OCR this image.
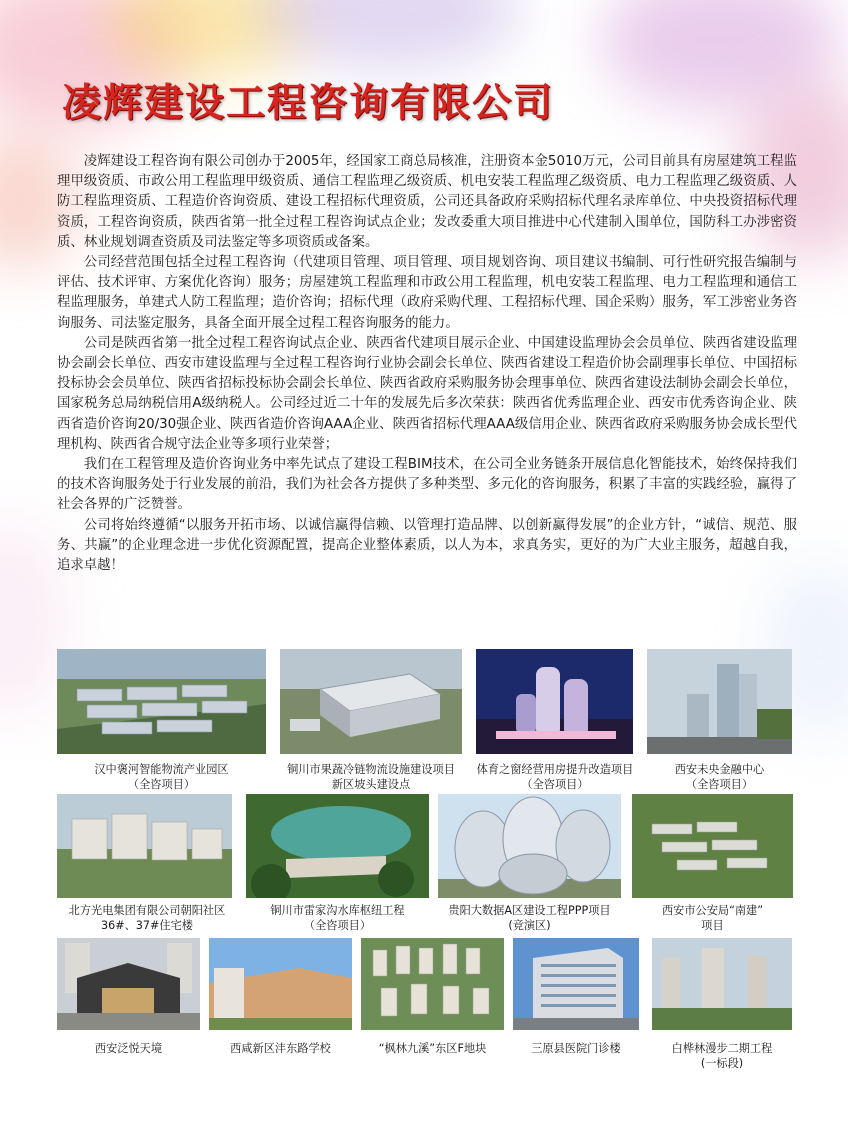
凌辉建设工程咨询有限公司

凌辉建设工程咨询有限公司创办于2005年，经国家工商总局核准，注册资本金5010万元，公司目前具有房屋建筑工程监理甲级资质、市政公用工程监理甲级资质、通信工程监理乙级资质、机电安装工程监理乙级资质、电力工程监理乙级资质、人防工程监理资质、工程造价咨询资质、建设工程招标代理资质，公司还具备政府采购招标代理名录库单位、中央投资招标代理资质，工程咨询资质，陕西省第一批全过程工程咨询试点企业；发改委重大项目推进中心代建制入围单位，国防科工办涉密资质、林业规划调查资质及司法鉴定等多项资质或备案。

公司经营范围包括全过程工程咨询（代建项目管理、项目管理、项目规划咨询、项目建议书编制、可行性研究报告编制与评估、技术评审、方案优化咨询）服务；房屋建筑工程监理和市政公用工程监理，机电安装工程监理、电力工程监理和通信工程监理服务，单建式人防工程监理；造价咨询；招标代理（政府采购代理、工程招标代理、国企采购）服务，军工涉密业务咨询服务、司法鉴定服务，具备全面开展全过程工程咨询服务的能力。

公司是陕西省第一批全过程工程咨询试点企业、陕西省代建项目展示企业、中国建设监理协会会员单位、陕西省建设监理协会副会长单位、西安市建设监理与全过程工程咨询行业协会副会长单位、陕西省建设工程造价协会副理事长单位、中国招标投标协会会员单位、陕西省招标投标协会副会长单位、陕西省政府采购服务协会理事单位、陕西省建设法制协会副会长单位，国家税务总局纳税信用A级纳税人。公司经过近二十年的发展先后多次荣获：陕西省优秀监理企业、西安市优秀咨询企业、陕西省造价咨询20/30强企业、陕西省造价咨询AAA企业、陕西省招标代理AAA级信用企业、陕西省政府采购服务协会成长型代理机构、陕西省合规守法企业等多项行业荣誉；

我们在工程管理及造价咨询业务中率先试点了建设工程BIM技术，在公司全业务链条开展信息化智能技术，始终保持我们的技术咨询服务处于行业发展的前沿，我们为社会各方提供了多种类型、多元化的咨询服务，积累了丰富的实践经验，赢得了社会各界的广泛赞誉。

公司将始终遵循“以服务开拓市场、以诚信赢得信赖、以管理打造品牌、以创新赢得发展”的企业方针，“诚信、规范、服务、共赢”的企业理念进一步优化资源配置，提高企业整体素质，以人为本，求真务实，更好的为广大业主服务，超越自我，追求卓越！

汉中褒河智能物流产业园区
（全咨项目）
铜川市果蔬冷链物流设施建设项目
新区坡头建设点
体育之窗经营用房提升改造项目
（全咨项目）
西安未央金融中心
（全咨项目）
北方光电集团有限公司朝阳社区
36#、37#住宅楼
铜川市雷家沟水库枢纽工程
（全咨项目）
贵阳大数据A区建设工程PPP项目
(竞演区)
西安市公安局“南建”
项目
西安泛悦天境	西咸新区沣东路学校	“枫林九溪”东区F地块	三原县医院门诊楼	白桦林漫步二期工程
(一标段)
